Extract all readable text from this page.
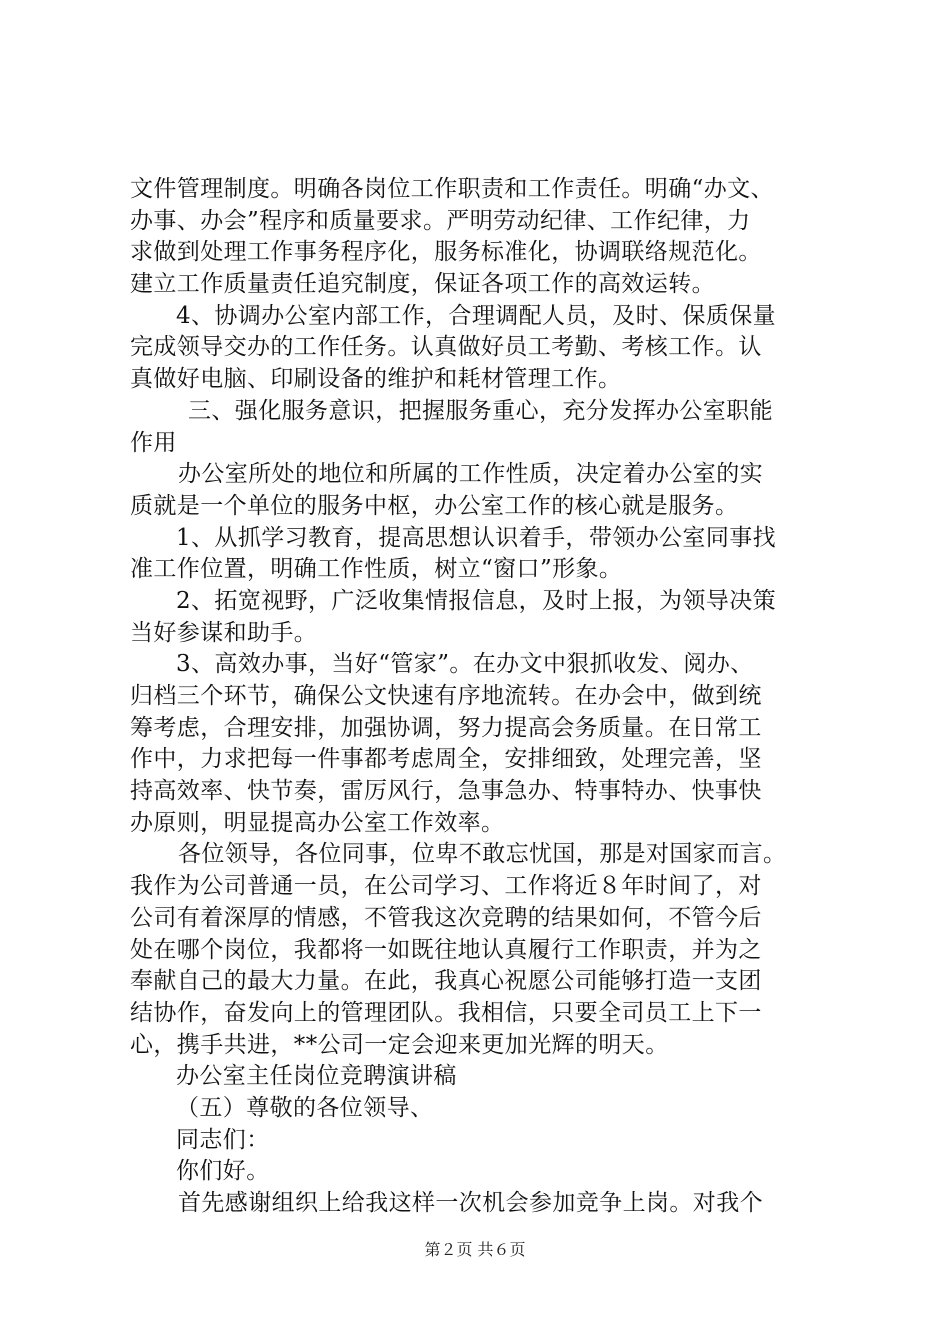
文件管理制度。明确各岗位工作职责和工作责任。明确“办文、
办事、办会”程序和质量要求。严明劳动纪律、工作纪律，力
求做到处理工作事务程序化，服务标准化，协调联络规范化。
建立工作质量责任追究制度，保证各项工作的高效运转。
4、协调办公室内部工作，合理调配人员，及时、保质保量
完成领导交办的工作任务。认真做好员工考勤、考核工作。认
真做好电脑、印刷设备的维护和耗材管理工作。
三、强化服务意识，把握服务重心，充分发挥办公室职能
作用
办公室所处的地位和所属的工作性质，决定着办公室的实
质就是一个单位的服务中枢，办公室工作的核心就是服务。
1、从抓学习教育，提高思想认识着手，带领办公室同事找
准工作位置，明确工作性质，树立“窗口”形象。
2、拓宽视野，广泛收集情报信息，及时上报，为领导决策
当好参谋和助手。
3、高效办事，当好“管家”。在办文中狠抓收发、阅办、
归档三个环节，确保公文快速有序地流转。在办会中，做到统
筹考虑，合理安排，加强协调，努力提高会务质量。在日常工
作中，力求把每一件事都考虑周全，安排细致，处理完善，坚
持高效率、快节奏，雷厉风行，急事急办、特事特办、快事快
办原则，明显提高办公室工作效率。
各位领导，各位同事，位卑不敢忘忧国，那是对国家而言。
我作为公司普通一员，在公司学习、工作将近８年时间了，对
公司有着深厚的情感，不管我这次竞聘的结果如何，不管今后
处在哪个岗位，我都将一如既往地认真履行工作职责，并为之
奉献自己的最大力量。在此，我真心祝愿公司能够打造一支团
结协作，奋发向上的管理团队。我相信，只要全司员工上下一
心，携手共进，**公司一定会迎来更加光辉的明天。
办公室主任岗位竞聘演讲稿
（五）尊敬的各位领导、
同志们：
你们好。
首先感谢组织上给我这样一次机会参加竞争上岗。对我个
第２页 共６页
